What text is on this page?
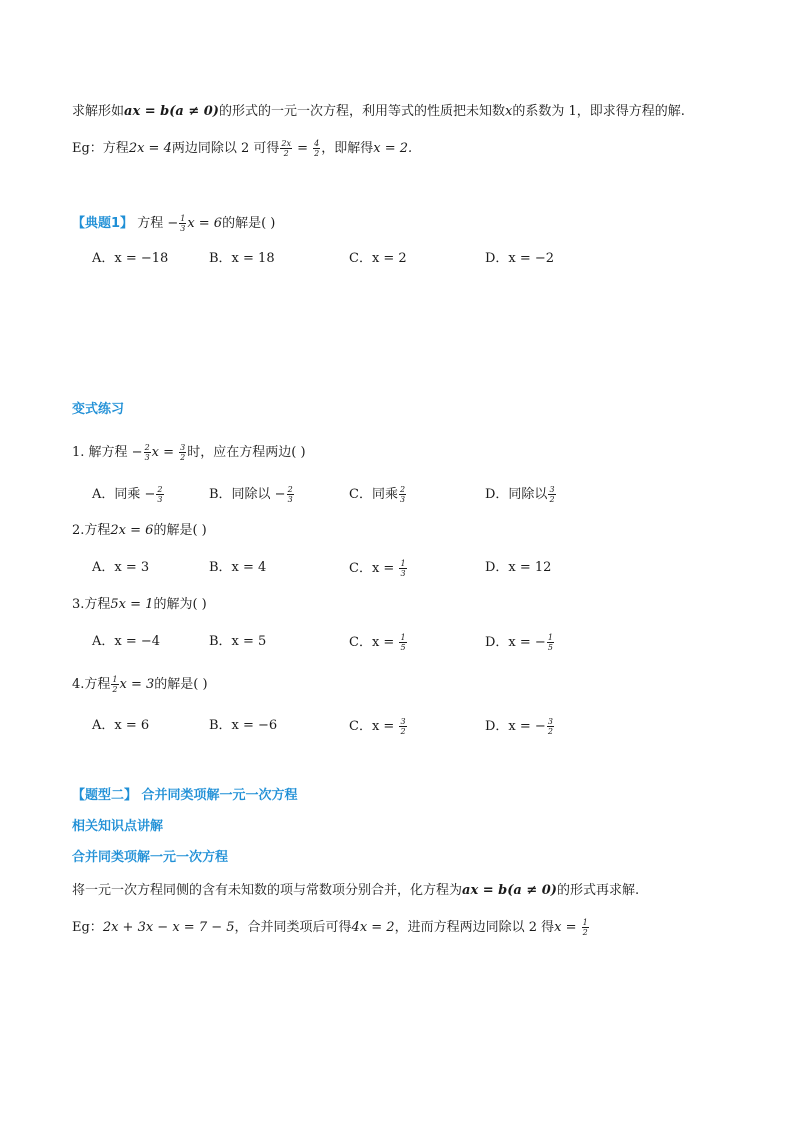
求解形如ax = b(a ≠ 0)的形式的一元一次方程，利用等式的性质把未知数x的系数为 1，即求得方程的解.
Eg：方程2x = 4两边同除以 2 可得 $\frac{2x}{2} = \frac{4}{2}$ ，即解得x = 2.
【典题1】 方程 − $\frac{1}{3}$ x = 6的解是( )
A．x = −18	B．x = 18	C．x = 2	D．x = −2
变式练习
1. 解方程 − $\frac{2}{3}$ $x = \frac{3}{2}$ 时，应在方程两边( )
A．同乘 − $\frac{2}{3}$	B．同除以 − $\frac{2}{3}$	C．同乘 $\frac{2}{3}$	D．同除以 $\frac{3}{2}$
2.方程2x = 6的解是( )
A．x = 3	B．x = 4	C．$x = \frac{1}{3}$	D．x = 12
3.方程5x = 1的解为( )
A．x = −4	B．x = 5	C．$x = \frac{1}{5}$	D．x = − $\frac{1}{5}$
4.方程 $\frac{1}{2}$ x = 3的解是( )
A．x = 6	B．x = −6	C．$x = \frac{3}{2}$	D．x = − $\frac{3}{2}$
【题型二】 合并同类项解一元一次方程
相关知识点讲解
合并同类项解一元一次方程
将一元一次方程同侧的含有未知数的项与常数项分别合并，化方程为ax = b(a ≠ 0)的形式再求解.
Eg：2x + 3x − x = 7 − 5，合并同类项后可得4x = 2，进而方程两边同除以 2 得$x = \frac{1}{2}$
